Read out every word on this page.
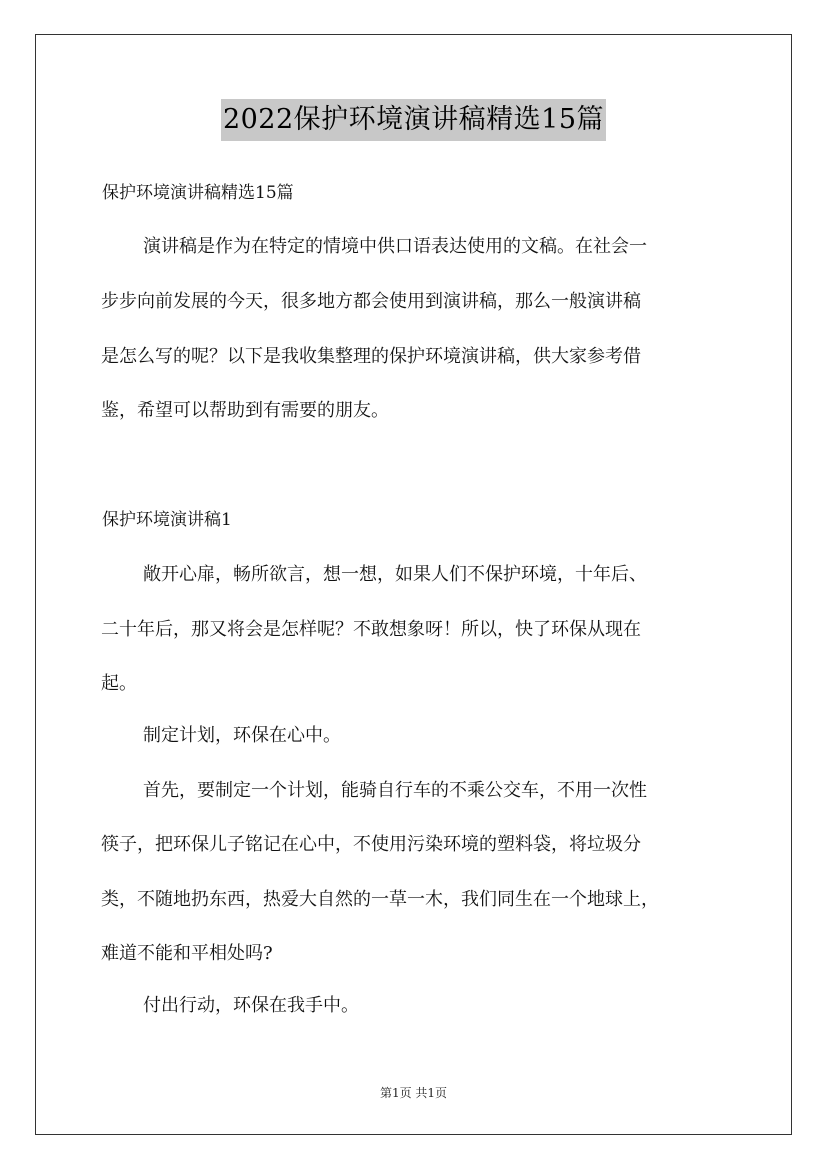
2022保护环境演讲稿精选15篇
保护环境演讲稿精选15篇
演讲稿是作为在特定的情境中供口语表达使用的文稿。在社会一
步步向前发展的今天，很多地方都会使用到演讲稿，那么一般演讲稿
是怎么写的呢？以下是我收集整理的保护环境演讲稿，供大家参考借
鉴，希望可以帮助到有需要的朋友。
保护环境演讲稿1
敞开心扉，畅所欲言，想一想，如果人们不保护环境，十年后、
二十年后，那又将会是怎样呢？不敢想象呀！所以，快了环保从现在
起。
制定计划，环保在心中。
首先，要制定一个计划，能骑自行车的不乘公交车，不用一次性
筷子，把环保儿子铭记在心中，不使用污染环境的塑料袋，将垃圾分
类，不随地扔东西，热爱大自然的一草一木，我们同生在一个地球上，
难道不能和平相处吗?
付出行动，环保在我手中。
第1页 共1页
